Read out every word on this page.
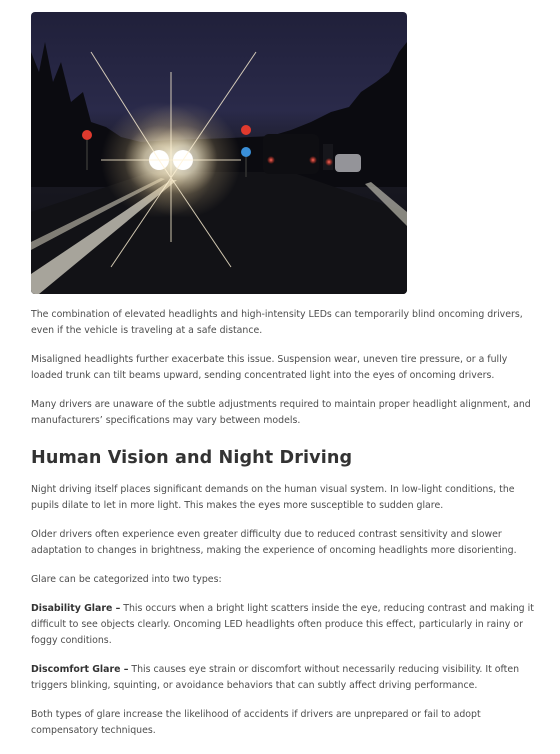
The combination of elevated headlights and high-intensity LEDs can temporarily blind oncoming drivers, even if the vehicle is traveling at a safe distance.

Misaligned headlights further exacerbate this issue. Suspension wear, uneven tire pressure, or a fully loaded trunk can tilt beams upward, sending concentrated light into the eyes of oncoming drivers.

Many drivers are unaware of the subtle adjustments required to maintain proper headlight alignment, and manufacturers’ specifications may vary between models.

Human Vision and Night Driving

Night driving itself places significant demands on the human visual system. In low-light conditions, the pupils dilate to let in more light. This makes the eyes more susceptible to sudden glare.

Older drivers often experience even greater difficulty due to reduced contrast sensitivity and slower adaptation to changes in brightness, making the experience of oncoming headlights more disorienting.

Glare can be categorized into two types:

Disability Glare – This occurs when a bright light scatters inside the eye, reducing contrast and making it difficult to see objects clearly. Oncoming LED headlights often produce this effect, particularly in rainy or foggy conditions.

Discomfort Glare – This causes eye strain or discomfort without necessarily reducing visibility. It often triggers blinking, squinting, or avoidance behaviors that can subtly affect driving performance.

Both types of glare increase the likelihood of accidents if drivers are unprepared or fail to adopt compensatory techniques.
